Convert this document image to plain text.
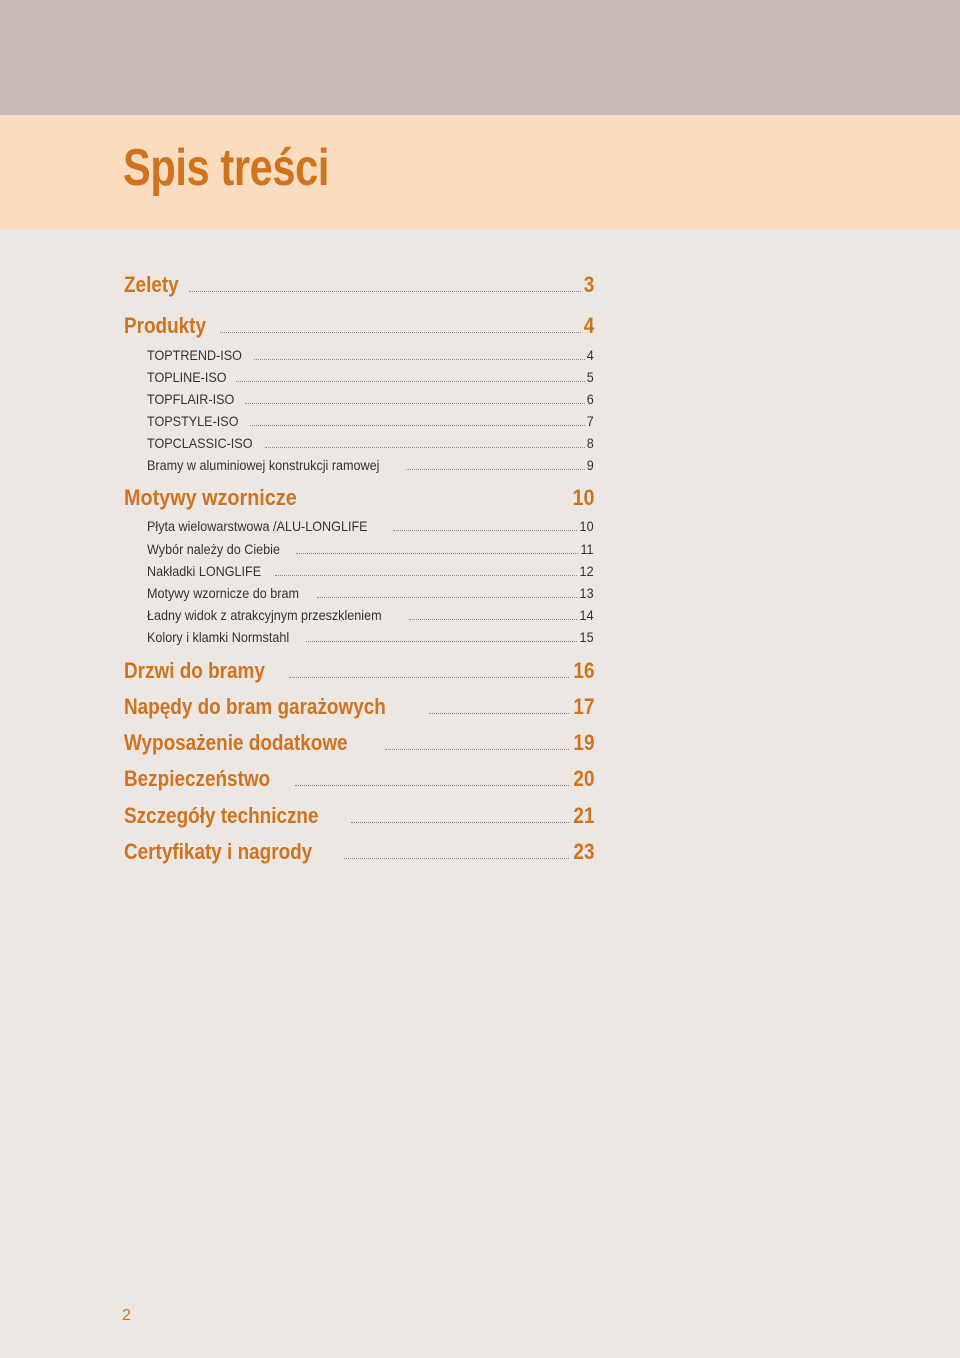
Spis treści
Zelety	3
Produkty	4
TOPTREND-ISO	4
TOPLINE-ISO	5
TOPFLAIR-ISO	6
TOPSTYLE-ISO	7
TOPCLASSIC-ISO	8
Bramy w aluminiowej konstrukcji ramowej	9
Motywy wzornicze	10
Płyta wielowarstwowa /ALU-LONGLIFE	10
Wybór należy do Ciebie	11
Nakładki LONGLIFE	12
Motywy wzornicze do bram	13
Ładny widok z atrakcyjnym przeszkleniem	14
Kolory i klamki Normstahl	15
Drzwi do bramy	16
Napędy do bram garażowych	17
Wyposażenie dodatkowe	19
Bezpieczeństwo	20
Szczegóły techniczne	21
Certyfikaty i nagrody	23
2
